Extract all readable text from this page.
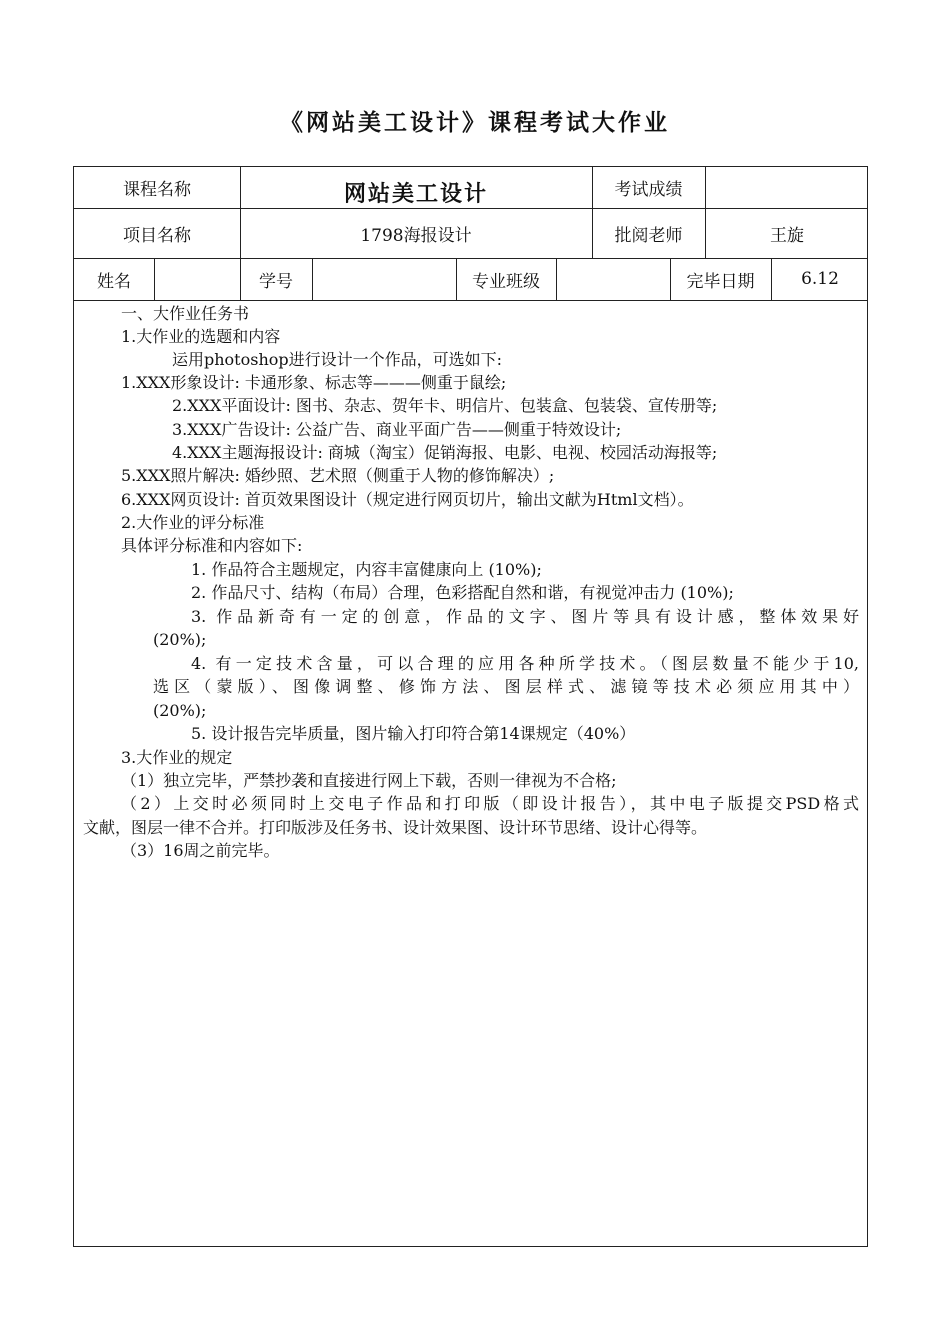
《网站美工设计》课程考试大作业
课程名称	网站美工设计	考试成绩
项目名称	1798海报设计	批阅老师	王旋
姓名	学号	专业班级	完毕日期	6.12
一、大作业任务书
1.大作业的选题和内容
运用photoshop进行设计一个作品，可选如下:
1.XXX形象设计: 卡通形象、标志等———侧重于鼠绘;
2.XXX平面设计: 图书、杂志、贺年卡、明信片、包装盒、包装袋、宣传册等;
3.XXX广告设计: 公益广告、商业平面广告——侧重于特效设计;
4.XXX主题海报设计: 商城（淘宝）促销海报、电影、电视、校园活动海报等;
5.XXX照片解决: 婚纱照、艺术照（侧重于人物的修饰解决）;
6.XXX网页设计: 首页效果图设计（规定进行网页切片，输出文献为Html文档）。
2.大作业的评分标准
具体评分标准和内容如下:
1. 作品符合主题规定，内容丰富健康向上 (10%);
2. 作品尺寸、结构（布局）合理，色彩搭配自然和谐，有视觉冲击力 (10%);
3. 作品新奇有一定的创意，作品的文字、图片等具有设计感，整体效果好
(20%);
4. 有一定技术含量，可以合理的应用各种所学技术。（图层数量不能少于10,
选区（蒙版）、图像调整、修饰方法、图层样式、滤镜等技术必须应用其中）
(20%);
5. 设计报告完毕质量，图片输入打印符合第14课规定（40%）
3.大作业的规定
（1）独立完毕，严禁抄袭和直接进行网上下载，否则一律视为不合格;
（2）上交时必须同时上交电子作品和打印版（即设计报告），其中电子版提交PSD格式
文献，图层一律不合并。打印版涉及任务书、设计效果图、设计环节思绪、设计心得等。
（3）16周之前完毕。
